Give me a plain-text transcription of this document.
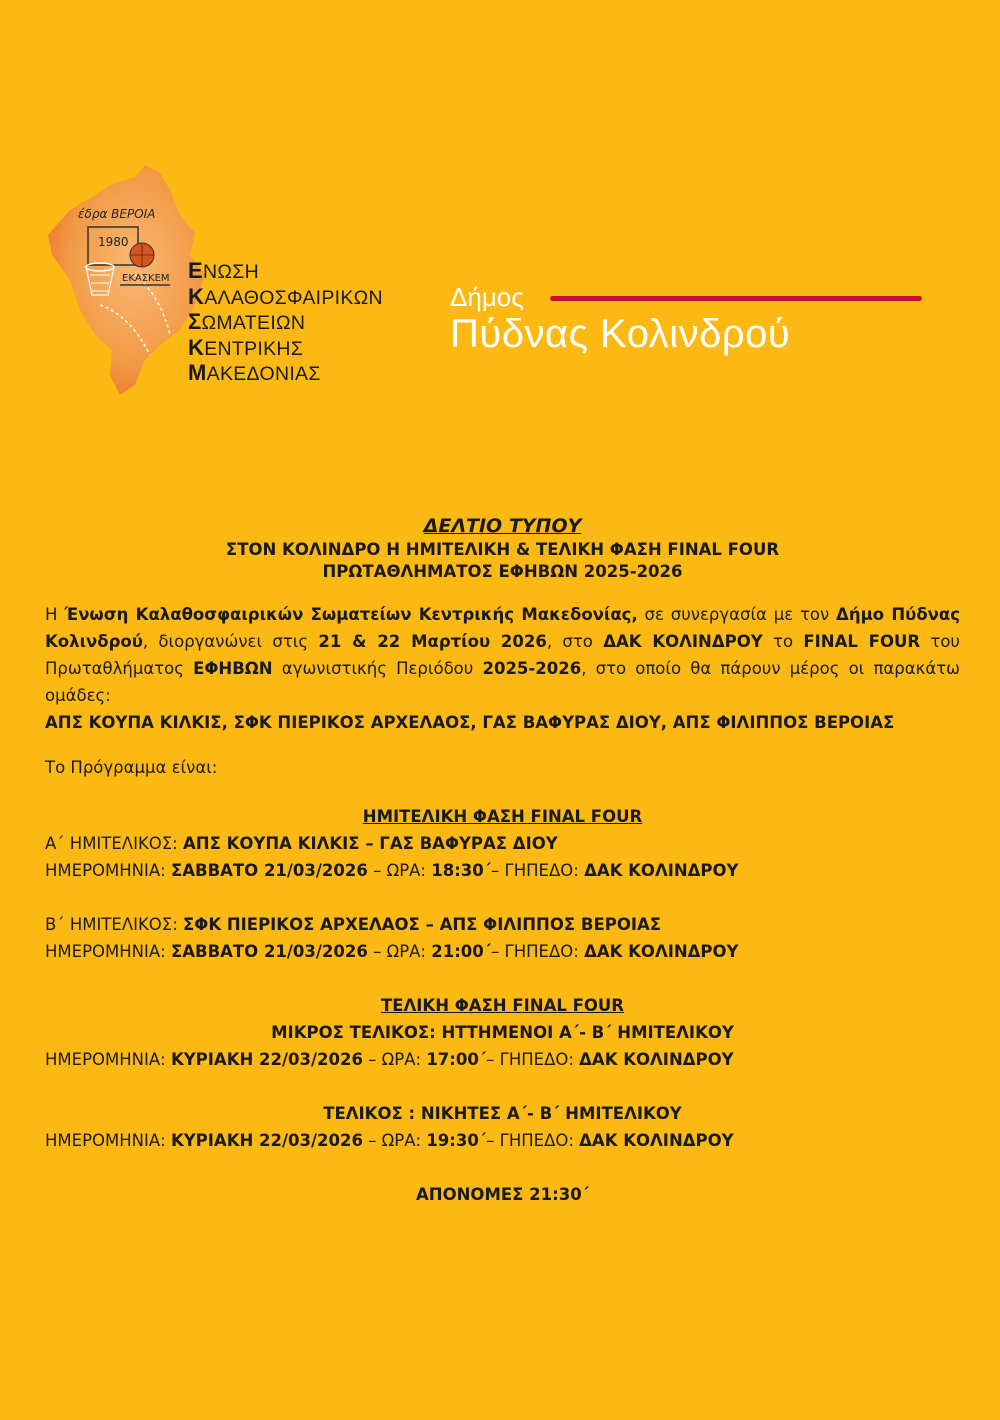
έδρα ΒΕΡΟΙΑ
1980
ΕΚΑΣΚΕΜ ΕΝΩΣΗ
ΚΑΛΑΘΟΣΦΑΙΡΙΚΩΝ
ΣΩΜΑΤΕΙΩΝ
ΚΕΝΤΡΙΚΗΣ
ΜΑΚΕΔΟΝΙΑΣ
Δήμος
Πύδνας Κολινδρού
ΔΕΛΤΙΟ ΤΥΠΟΥ
ΣΤΟΝ ΚΟΛΙΝΔΡΟ Η ΗΜΙΤΕΛΙΚΗ & ΤΕΛΙΚΗ ΦΑΣΗ FINAL FOUR
ΠΡΩΤΑΘΛΗΜΑΤΟΣ ΕΦΗΒΩΝ 2025-2026
Η Ένωση Καλαθοσφαιρικών Σωματείων Κεντρικής Μακεδονίας, σε συνεργασία με τον Δήμο Πύδνας Κολινδρού, διοργανώνει στις 21 & 22 Μαρτίου 2026, στο ΔΑΚ ΚΟΛΙΝΔΡΟΥ το FINAL FOUR του Πρωταθλήματος ΕΦΗΒΩΝ αγωνιστικής Περιόδου 2025-2026, στο οποίο θα πάρουν μέρος οι παρακάτω ομάδες:
ΑΠΣ ΚΟΥΠΑ ΚΙΛΚΙΣ, ΣΦΚ ΠΙΕΡΙΚΟΣ ΑΡΧΕΛΑΟΣ, ΓΑΣ ΒΑΦΥΡΑΣ ΔΙΟΥ, ΑΠΣ ΦΙΛΙΠΠΟΣ ΒΕΡΟΙΑΣ
Το Πρόγραμμα είναι:
ΗΜΙΤΕΛΙΚΗ ΦΑΣΗ FINAL FOUR
Α΄ ΗΜΙΤΕΛΙΚΟΣ: ΑΠΣ ΚΟΥΠΑ ΚΙΛΚΙΣ – ΓΑΣ ΒΑΦΥΡΑΣ ΔΙΟΥ
ΗΜΕΡΟΜΗΝΙΑ: ΣΑΒΒΑΤΟ 21/03/2026 – ΩΡΑ: 18:30΄– ΓΗΠΕΔΟ: ΔΑΚ ΚΟΛΙΝΔΡΟΥ
Β΄ ΗΜΙΤΕΛΙΚΟΣ: ΣΦΚ ΠΙΕΡΙΚΟΣ ΑΡΧΕΛΑΟΣ – ΑΠΣ ΦΙΛΙΠΠΟΣ ΒΕΡΟΙΑΣ
ΗΜΕΡΟΜΗΝΙΑ: ΣΑΒΒΑΤΟ 21/03/2026 – ΩΡΑ: 21:00΄– ΓΗΠΕΔΟ: ΔΑΚ ΚΟΛΙΝΔΡΟΥ
ΤΕΛΙΚΗ ΦΑΣΗ FINAL FOUR
ΜΙΚΡΟΣ ΤΕΛΙΚΟΣ: ΗΤΤΗΜΕΝΟΙ Α΄- Β΄ ΗΜΙΤΕΛΙΚΟΥ
ΗΜΕΡΟΜΗΝΙΑ: ΚΥΡΙΑΚΗ 22/03/2026 – ΩΡΑ: 17:00΄– ΓΗΠΕΔΟ: ΔΑΚ ΚΟΛΙΝΔΡΟΥ
ΤΕΛΙΚΟΣ : ΝΙΚΗΤΕΣ Α΄- Β΄ ΗΜΙΤΕΛΙΚΟΥ
ΗΜΕΡΟΜΗΝΙΑ: ΚΥΡΙΑΚΗ 22/03/2026 – ΩΡΑ: 19:30΄– ΓΗΠΕΔΟ: ΔΑΚ ΚΟΛΙΝΔΡΟΥ
ΑΠΟΝΟΜΕΣ 21:30΄
